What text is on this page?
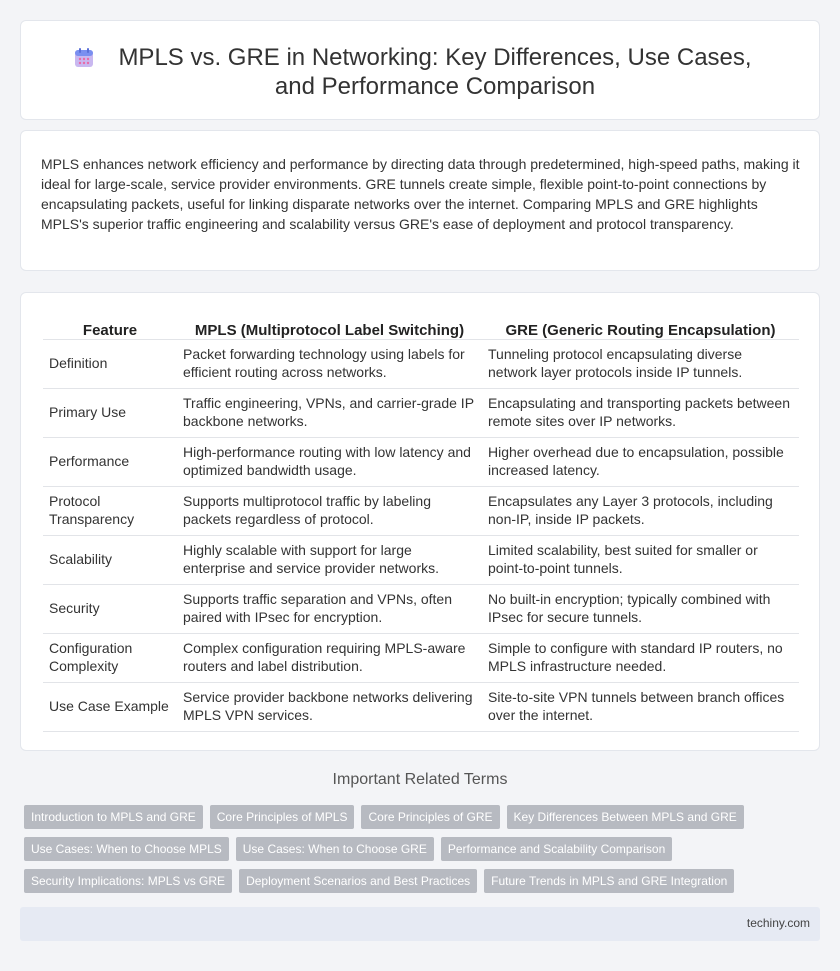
MPLS vs. GRE in Networking: Key Differences, Use Cases, and Performance Comparison

MPLS enhances network efficiency and performance by directing data through predetermined, high-speed paths, making it ideal for large-scale, service provider environments. GRE tunnels create simple, flexible point-to-point connections by encapsulating packets, useful for linking disparate networks over the internet. Comparing MPLS and GRE highlights MPLS's superior traffic engineering and scalability versus GRE's ease of deployment and protocol transparency.

Feature	MPLS (Multiprotocol Label Switching)	GRE (Generic Routing Encapsulation)
Definition	Packet forwarding technology using labels for efficient routing across networks.	Tunneling protocol encapsulating diverse network layer protocols inside IP tunnels.
Primary Use	Traffic engineering, VPNs, and carrier-grade IP backbone networks.	Encapsulating and transporting packets between remote sites over IP networks.
Performance	High-performance routing with low latency and optimized bandwidth usage.	Higher overhead due to encapsulation, possible increased latency.
Protocol Transparency	Supports multiprotocol traffic by labeling packets regardless of protocol.	Encapsulates any Layer 3 protocols, including non-IP, inside IP packets.
Scalability	Highly scalable with support for large enterprise and service provider networks.	Limited scalability, best suited for smaller or point-to-point tunnels.
Security	Supports traffic separation and VPNs, often paired with IPsec for encryption.	No built-in encryption; typically combined with IPsec for secure tunnels.
Configuration Complexity	Complex configuration requiring MPLS-aware routers and label distribution.	Simple to configure with standard IP routers, no MPLS infrastructure needed.
Use Case Example	Service provider backbone networks delivering MPLS VPN services.	Site-to-site VPN tunnels between branch offices over the internet.
Important Related Terms
Introduction to MPLS and GRE Core Principles of MPLS Core Principles of GRE Key Differences Between MPLS and GRE
Use Cases: When to Choose MPLS Use Cases: When to Choose GRE Performance and Scalability Comparison
Security Implications: MPLS vs GRE Deployment Scenarios and Best Practices Future Trends in MPLS and GRE Integration
techiny.com
